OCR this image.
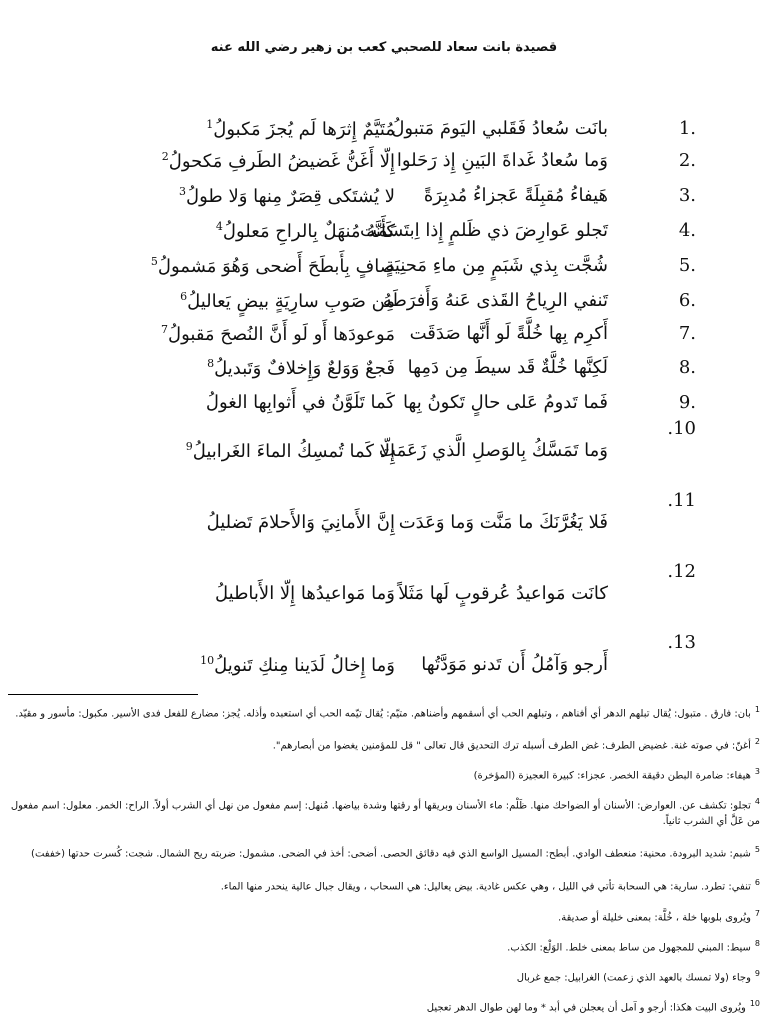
قصيدة بانت سعاد للصحبي كعب بن زهير رضي الله عنه
1.
بانَت سُعادُ فَقَلبي اليَومَ مَتبولُ
مُتَيَّمٌ إِثرَها لَم يُجزَ مَكبولُ$^1$
2.
وَما سُعادُ غَداةَ البَينِ إِذ رَحَلوا
إِلّا أَغَنُّ غَضيضُ الطَرفِ مَكحولُ$^2$
3.
هَيفاءُ مُقبِلَةً عَجزاءُ مُدبِرَةً
لا يُشتَكى قِصَرٌ مِنها وَلا طولُ$^3$
4.
تَجلو عَوارِضَ ذي ظَلمٍ إِذا اِبتَسَمَت
كَأَنَّهُ مُنهَلٌ بِالراحِ مَعلولُ$^4$
5.
شُجَّت بِذي شَبَمٍ مِن ماءِ مَحنِيَةٍ
صافٍ بِأَبطَحَ أَضحى وَهُوَ مَشمولُ$^5$
6.
تَنفي الرِياحُ القَذى عَنهُ وَأَفرَطَهُ
مِن صَوبِ سارِيَةٍ بيضٍ يَعاليلُ$^6$
7.
أَكرِم بِها خُلَّةً لَو أَنَّها صَدَقَت
مَوعودَها أَو لَو أَنَّ النُصحَ مَقبولُ$^7$
8.
لَكِنَّها خُلَّةٌ قَد سيطَ مِن دَمِها
فَجعٌ وَوَلعٌ وَإِخلافٌ وَتَبديلُ$^8$
9.
فَما تَدومُ عَلى حالٍ تَكونُ بِها
كَما تَلَوَّنُ في أَثوابِها الغولُ
.10
وَما تَمَسَّكُ بِالوَصلِ الَّذي زَعَمَت
إِلّا كَما تُمسِكُ الماءَ الغَرابيلُ$^9$
.11
فَلا يَغُرَّنَكَ ما مَنَّت وَما وَعَدَت
إِنَّ الأَمانِيَ وَالأَحلامَ تَضليلُ
.12
كانَت مَواعيدُ عُرقوبٍ لَها مَثَلاً
وَما مَواعيدُها إِلّا الأَباطيلُ
.13
أَرجو وَآمُلُ أَن تَدنو مَوَدَّتُها
وَما إِخالُ لَدَينا مِنكِ تَنويلُ$^{10}$
$^1$بان: فارق . متبول: يُقال تبلهم الدهر أي أفناهم ، وتبلهم الحب أي أسقمهم وأضناهم. متيّم: يُقال تيّمه الحب أي استعبده وأذله. يُجز: مضارع للفعل فدى الأسير. مكبول: مأسور و مقيّد.
$^2$أغنّ: في صوته غنة. غضيض الطرف: غض الطرف أسبله ترك التحديق قال تعالى " قل للمؤمنين يغضوا من أبصارهم".
$^3$هيفاء: ضامرة البطن دقيقة الخصر. عجزاء: كبيرة العجيزة (المؤخرة)
$^4$تجلو: تكشف عن. العوارض: الأسنان أو الضواحك منها. ظَلْم: ماء الأسنان وبريقها أو رقتها وشدة بياضها. مُنهل: إسم مفعول من نهل أي الشرب أولاً. الراح: الخمر. معلول: اسم مفعول من عَلَّ أي الشرب ثانياً.
$^5$شبم: شديد البرودة. محنية: منعطف الوادي. أبطح: المسيل الواسع الذي فيه دقائق الحصى. أضحى: أخذ في الضحى. مشمول: ضربته ريح الشمال. شجت: كُسرت حدتها (خففت)
$^6$تنفي: تطرد. سارية: هي السحابة تأتي في الليل ، وهي عكس غادية. بيض يعاليل: هي السحاب ، ويقال جبال عالية ينحدر منها الماء.
$^7$ويُروى بلوبها خلة ، خُلَّة: بمعنى خليلة أو صديقة.
$^8$سيط: المبني للمجهول من ساط بمعنى خلط. الوَلْع: الكذب.
$^9$وجاء (ولا تمسك بالعهد الذي زعمت) الغرابيل: جمع غربال
$^{10}$ويُروى البيت هكذا: أرجو و آمل أن يعجلن في أبد * وما لهن طوال الدهر تعجيل
